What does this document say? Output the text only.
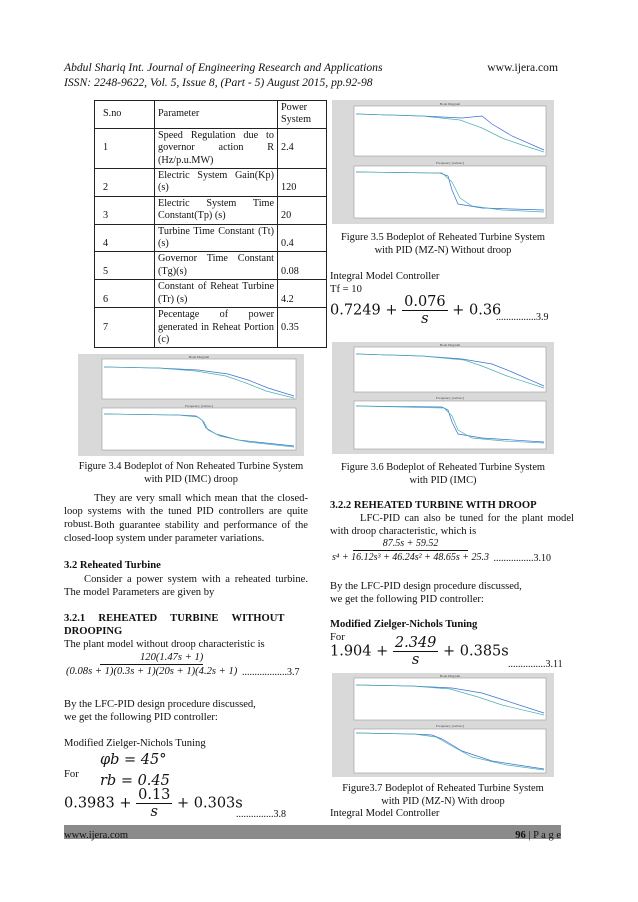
Abdul Shariq Int. Journal of Engineering Research and Applications	www.ijera.com
ISSN: 2248-9622, Vol. 5, Issue 8, (Part - 5) August 2015, pp.92-98
S.no	Parameter	Power System
1	Speed Regulation due to governor action R (Hz/p.u.MW)	2.4
2	Electric System Gain(Kp) (s)	120
3	Electric System Time Constant(Tp) (s)	20
4	Turbine Time Constant (Tt)(s)	0.4
5	Governor Time Constant (Tg)(s)	0.08
6	Constant of Reheat Turbine (Tr) (s)	4.2
7	Pecentage of power generated in Reheat Portion (c)	0.35
Bode Diagram
Frequency (rad/sec)
Figure 3.4 Bodeplot of Non Reheated Turbine System with PID (IMC) droop
They are very small which mean that the closed-loop systems with the tuned PID controllers are quite robust. Both guarantee stability and performance of the closed-loop system under parameter variations.
3.2 Reheated Turbine
Consider a power system with a reheated turbine. The model Parameters are given by
3.2.1     REHEATED     TURBINE     WITHOUT
DROOPING
The plant model without droop characteristic is
$\frac{120(1.47s + 1)}{(0.08s + 1)(0.3s + 1)(20s + 1)(4.2s + 1)} ..................3.7$
By the LFC-PID design procedure discussed,
we get the following PID controller:
Modified Zielger-Nichols Tuning
φb = 45°
For rb = 0.45
$0.3983 + \frac{0.13}{s} + 0.303s$
...............3.8
Bode Diagram
Frequency (rad/sec)
Figure 3.5 Bodeplot of Reheated Turbine System with PID (MZ-N) Without droop
Integral Model Controller
Tf = 10
$0.7249 + \frac{0.076}{s} + 0.36$
................3.9
Bode Diagram
Frequency (rad/sec)
Figure 3.6 Bodeplot of Reheated Turbine System with PID (IMC)
3.2.2 REHEATED TURBINE WITH DROOP
LFC-PID can also be tuned for the plant model with droop characteristic, which is
$\frac{87.5s + 59.52}{\text{s⁴ + 16.12s³ + 46.24s² + 48.65s + 25.3}} ................3.10$
By the LFC-PID design procedure discussed,
we get the following PID controller:
Modified Zielger-Nichols Tuning
For
$1.904 + \frac{2.349}{s} + 0.385s$
...............3.11
Bode Diagram
Frequency (rad/sec)
Figure3.7 Bodeplot of Reheated Turbine System with PID (MZ-N) With droop
Integral Model Controller
www.ijera.com	96 | P a g e
